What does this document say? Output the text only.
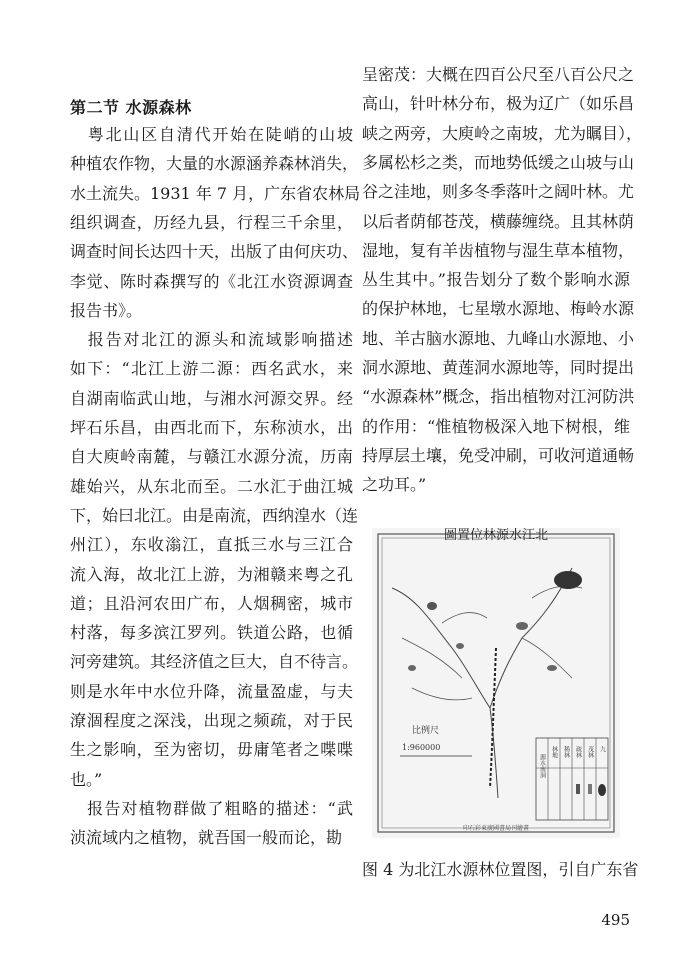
第二节 水源森林
　粤北山区自清代开始在陡峭的山坡
种植农作物，大量的水源涵养森林消失，
水土流失。1931 年 7 月，广东省农林局
组织调查，历经九县，行程三千余里，
调查时间长达四十天，出版了由何庆功、
李觉、陈时森撰写的《北江水资源调查
报告书》。
　报告对北江的源头和流域影响描述
如下：“北江上游二源：西名武水，来
自湖南临武山地，与湘水河源交界。经
坪石乐昌，由西北而下，东称浈水，出
自大庾岭南麓，与赣江水源分流，历南
雄始兴，从东北而至。二水汇于曲江城
下，始曰北江。由是南流，西纳湟水（连
州江），东收滃江，直抵三水与三江合
流入海，故北江上游，为湘赣来粤之孔
道；且沿河农田广布，人烟稠密，城市
村落，每多滨江罗列。铁道公路，也循
河旁建筑。其经济值之巨大，自不待言。
则是水年中水位升降，流量盈虚，与夫
潦涸程度之深浅，出现之频疏，对于民
生之影响，至为密切，毋庸笔者之喋喋
也。”
　报告对植物群做了粗略的描述：“武
浈流域内之植物，就吾国一般而论，勘
呈密茂：大概在四百公尺至八百公尺之
高山，针叶林分布，极为辽广（如乐昌
峡之两旁，大庾岭之南坡，尤为瞩目），
多属松杉之类，而地势低缓之山坡与山
谷之洼地，则多冬季落叶之阔叶林。尤
以后者荫郁苍茂，横藤缠绕。且其林荫
湿地，复有羊齿植物与湿生草本植物，
丛生其中。”报告划分了数个影响水源
的保护林地，七星墩水源地、梅岭水源
地、羊古脑水源地、九峰山水源地、小
洞水源地、黄莲洞水源地等，同时提出
“水源森林”概念，指出植物对江河防洪
的作用：“惟植物极深入地下树根，维
持厚层土壤，免受冲刷，可收河道通畅
之功耳。”
图 4 为北江水源林位置图，引自广东省
圖置位林源水江北
比例尺
1:960000
源水南洞
林地 稀林 疏林 茂林 九
印石彩東廣國書局刊繪畫
495
